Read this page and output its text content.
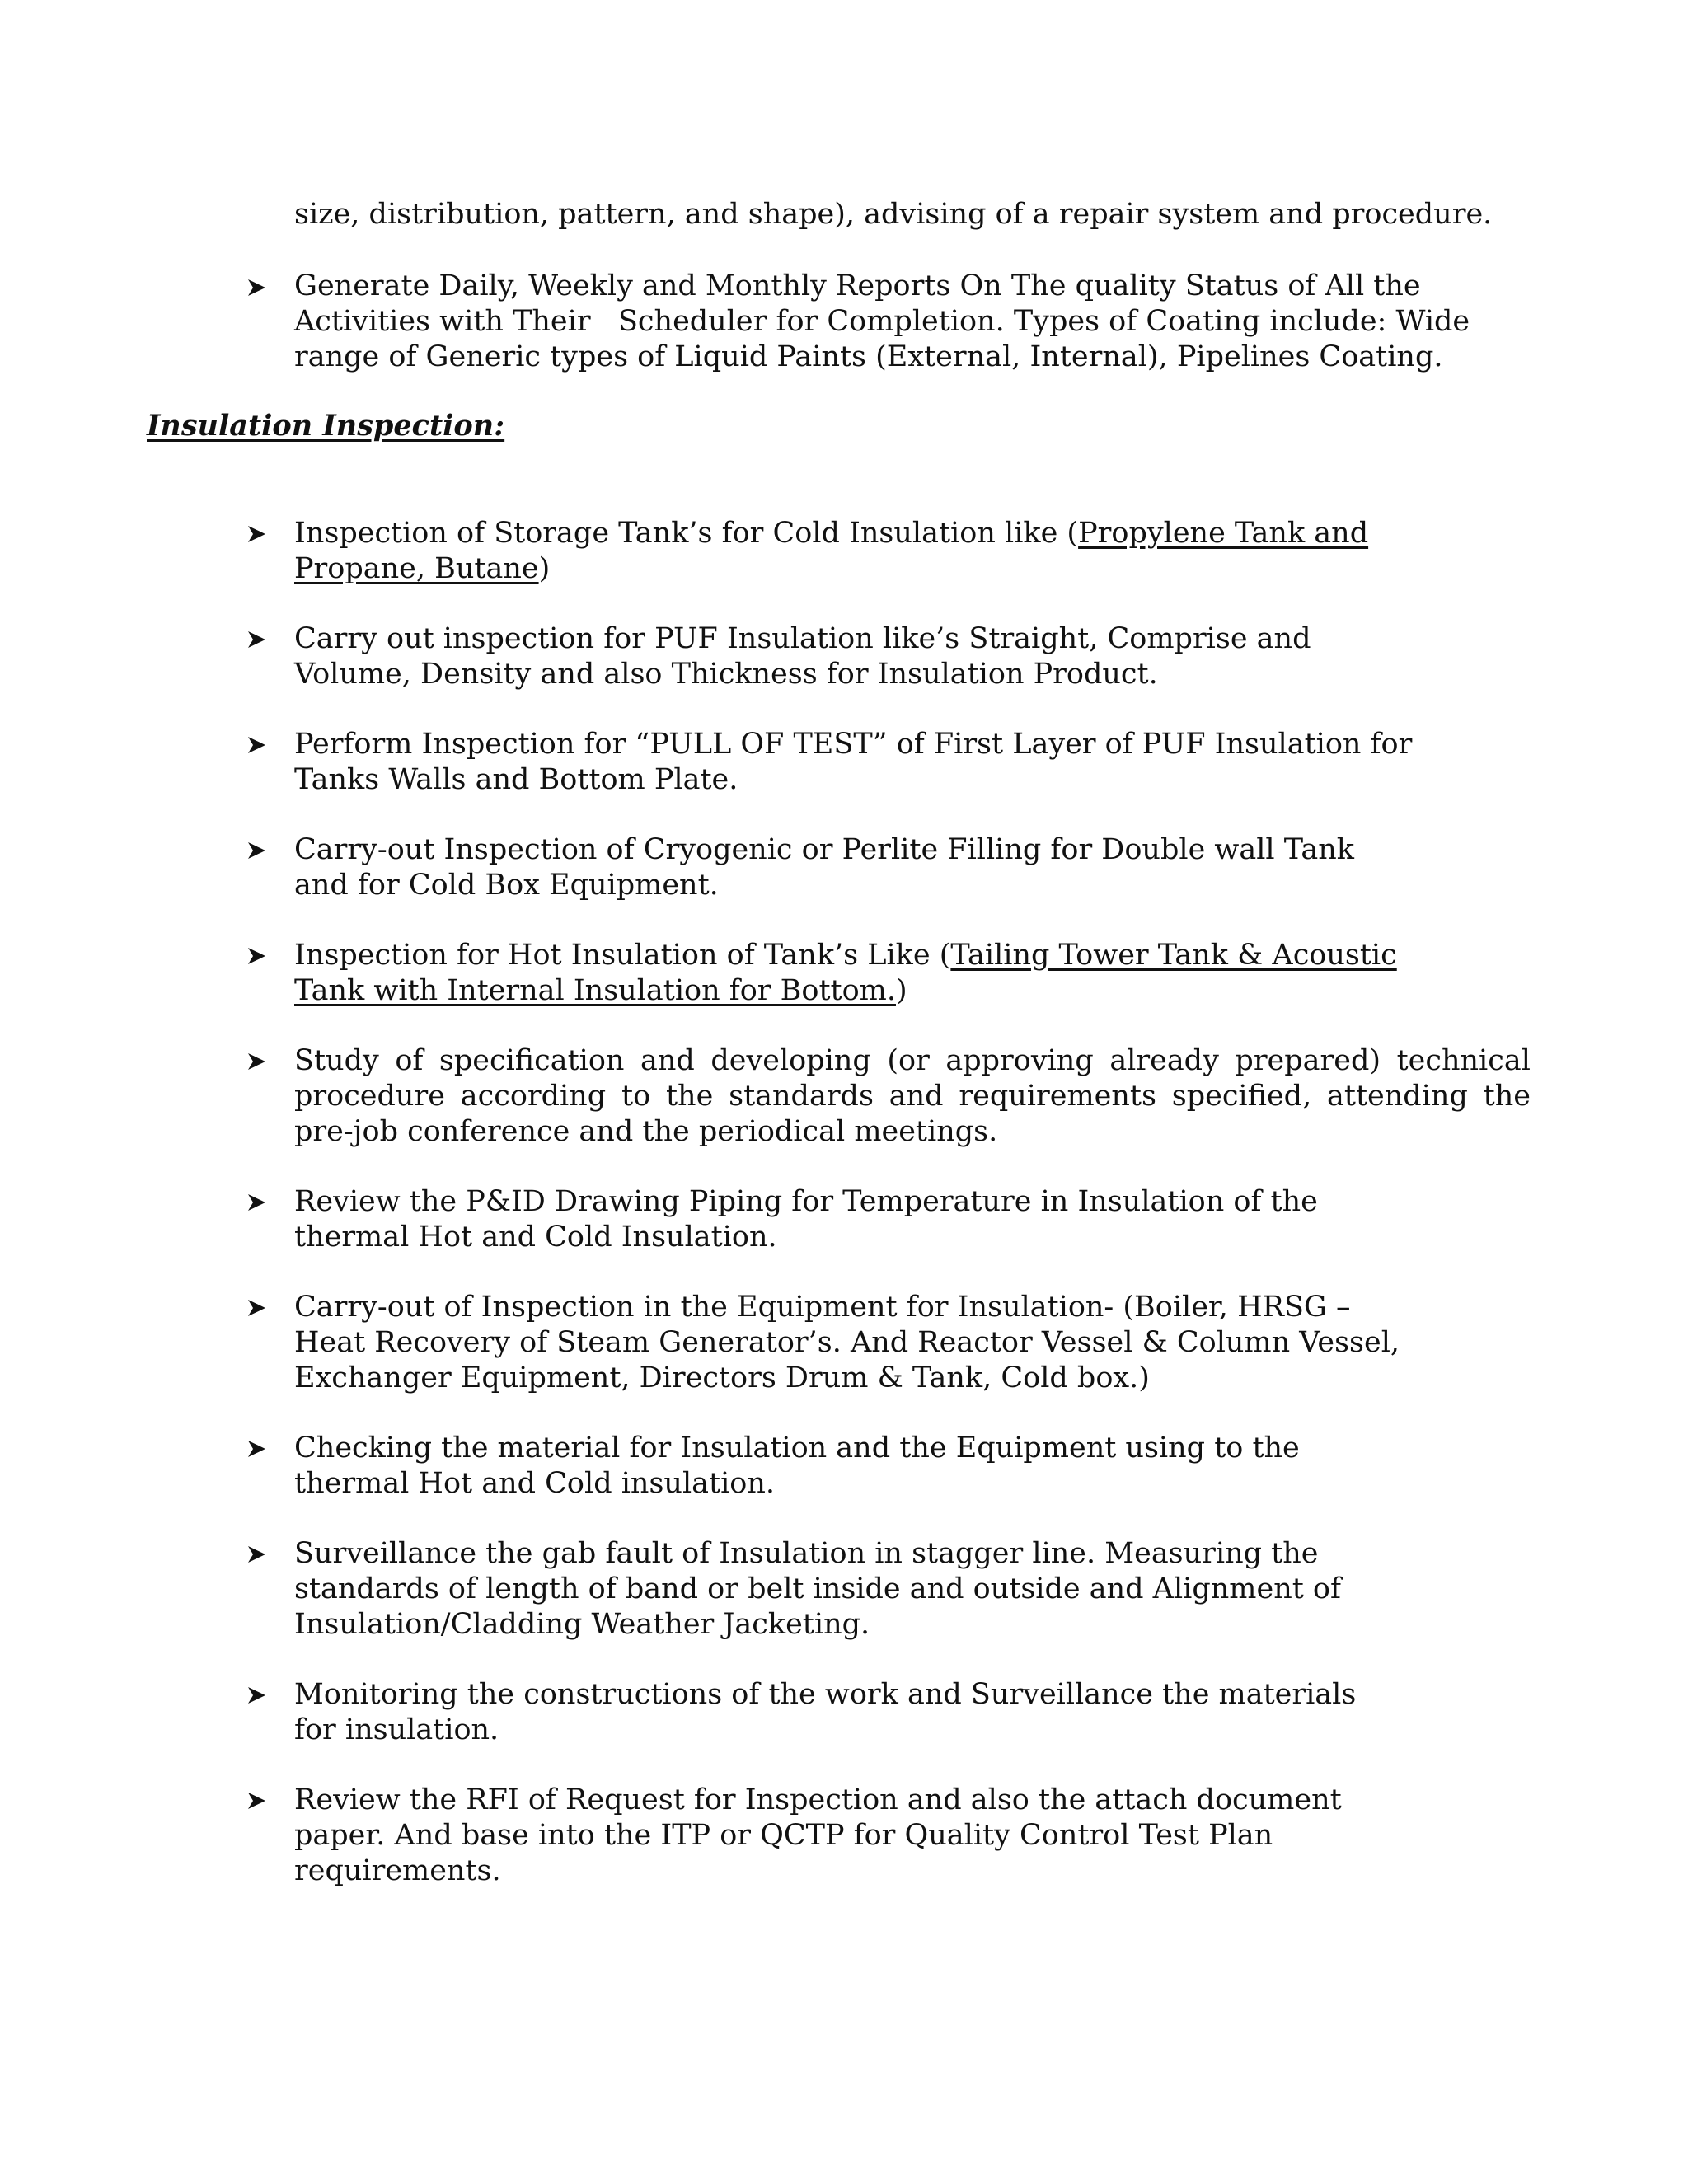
size, distribution, pattern, and shape), advising of a repair system and procedure.
Generate Daily, Weekly and Monthly Reports On The quality Status of All the
Activities with Their   Scheduler for Completion. Types of Coating include: Wide
range of Generic types of Liquid Paints (External, Internal), Pipelines Coating.
Insulation Inspection:
Inspection of Storage Tank’s for Cold Insulation like (Propylene Tank and
Propane, Butane)
Carry out inspection for PUF Insulation like’s Straight, Comprise and
Volume, Density and also Thickness for Insulation Product.
Perform Inspection for “PULL OF TEST” of First Layer of PUF Insulation for
Tanks Walls and Bottom Plate.
Carry-out Inspection of Cryogenic or Perlite Filling for Double wall Tank
and for Cold Box Equipment.
Inspection for Hot Insulation of Tank’s Like (Tailing Tower Tank & Acoustic
Tank with Internal Insulation for Bottom.)
Study of specification and developing (or approving already prepared) technical
procedure according to the standards and requirements specified, attending the
pre-job conference and the periodical meetings.
Review the P&ID Drawing Piping for Temperature in Insulation of the
thermal Hot and Cold Insulation.
Carry-out of Inspection in the Equipment for Insulation- (Boiler, HRSG –
Heat Recovery of Steam Generator’s. And Reactor Vessel & Column Vessel,
Exchanger Equipment, Directors Drum & Tank, Cold box.)
Checking the material for Insulation and the Equipment using to the
thermal Hot and Cold insulation.
Surveillance the gab fault of Insulation in stagger line. Measuring the
standards of length of band or belt inside and outside and Alignment of
Insulation/Cladding Weather Jacketing.
Monitoring the constructions of the work and Surveillance the materials
for insulation.
Review the RFI of Request for Inspection and also the attach document
paper. And base into the ITP or QCTP for Quality Control Test Plan
requirements.
